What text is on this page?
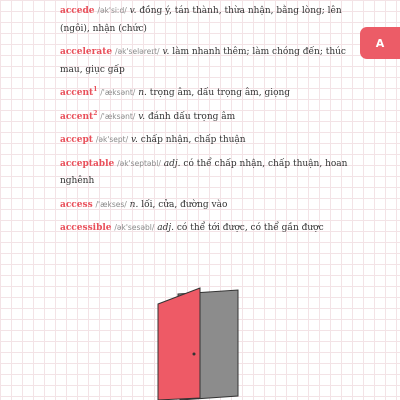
A
accede /ək'siːd/ v. đồng ý, tán thành, thừa nhận, bằng lòng; lên (ngôi), nhận (chức)
accelerate /ək'seləreɪt/ v. làm nhanh thêm; làm chóng đến; thúc mau, giục gấp
accent$^1$ /'æksənt/ n. trọng âm, dấu trọng âm, giọng
accent$^2$ /'æksənt/ v. đánh dấu trọng âm
accept /ək'sept/ v. chấp nhận, chấp thuận
acceptable /ək'septəbl/ adj. có thể chấp nhận, chấp thuận, hoan nghênh
access /'ækses/ n. lối, cửa, đường vào
accessible /ək'sesəbl/ adj. có thể tới được, có thể gần được
